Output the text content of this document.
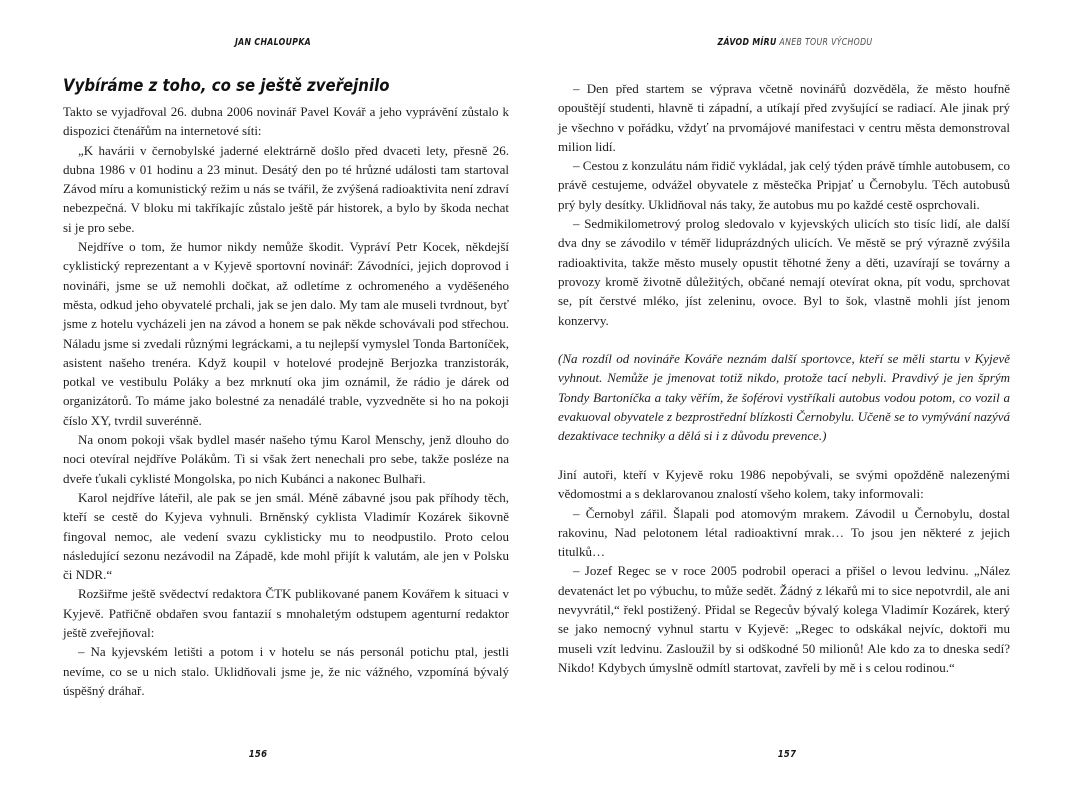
JAN CHALOUPKA	ZÁVOD MÍRU ANEB TOUR VÝCHODU
Vybíráme z toho, co se ještě zveřejnilo

Takto se vyjadřoval 26. dubna 2006 novinář Pavel Kovář a jeho vyprávění zůstalo k dispozici čtenářům na internetové síti:

„K havárii v černobylské jaderné elektrárně došlo před dvaceti lety, přesně 26. dubna 1986 v 01 hodinu a 23 minut. Desátý den po té hrůzné události tam startoval Závod míru a komunistický režim u nás se tvářil, že zvýšená radioaktivita není zdraví nebezpečná. V bloku mi takříkajíc zůstalo ještě pár historek, a bylo by škoda nechat si je pro sebe.

Nejdříve o tom, že humor nikdy nemůže škodit. Vypráví Petr Kocek, někdejší cyklistický reprezentant a v Kyjevě sportovní novinář: Závodníci, jejich doprovod i novináři, jsme se už nemohli dočkat, až odletíme z ochromeného a vyděšeného města, odkud jeho obyvatelé prchali, jak se jen dalo. My tam ale museli tvrdnout, byť jsme z hotelu vycházeli jen na závod a honem se pak někde schovávali pod střechou. Náladu jsme si zvedali různými legráckami, a tu nejlepší vymyslel Tonda Bartoníček, asistent našeho trenéra. Když koupil v hotelové prodejně Berjozka tranzistorák, potkal ve vestibulu Poláky a bez mrknutí oka jim oznámil, že rádio je dárek od organizátorů. To máme jako bolestné za nenadálé trable, vyzvedněte si ho na pokoji číslo XY, tvrdil suverénně.

Na onom pokoji však bydlel masér našeho týmu Karol Menschy, jenž dlouho do noci otevíral nejdříve Polákům. Ti si však žert nenechali pro sebe, takže posléze na dveře ťukali cyklisté Mongolska, po nich Kubánci a nakonec Bulhaři.

Karol nejdříve láteřil, ale pak se jen smál. Méně zábavné jsou pak příhody těch, kteří se cestě do Kyjeva vyhnuli. Brněnský cyklista Vladimír Kozárek šikovně fingoval nemoc, ale vedení svazu cyklisticky mu to neodpustilo. Proto celou následující sezonu nezávodil na Západě, kde mohl přijít k valutám, ale jen v Polsku či NDR.“

Rozšiřme ještě svědectví redaktora ČTK publikované panem Kovářem k situaci v Kyjevě. Patřičně obdařen svou fantazií s mnohaletým odstupem agenturní redaktor ještě zveřejňoval:

– Na kyjevském letišti a potom i v hotelu se nás personál potichu ptal, jestli nevíme, co se u nich stalo. Uklidňovali jsme je, že nic vážného, vzpomíná bývalý úspěšný dráhař.

– Den před startem se výprava včetně novinářů dozvěděla, že město houfně opouštějí studenti, hlavně ti západní, a utíkají před zvyšující se radiací. Ale jinak prý je všechno v pořádku, vždyť na prvomájové manifestaci v centru města demonstroval milion lidí.

– Cestou z konzulátu nám řidič vykládal, jak celý týden právě tímhle autobusem, co právě cestujeme, odvážel obyvatele z městečka Pripjať u Černobylu. Těch autobusů prý byly desítky. Uklidňoval nás taky, že autobus mu po každé cestě osprchovali.

– Sedmikilometrový prolog sledovalo v kyjevských ulicích sto tisíc lidí, ale další dva dny se závodilo v téměř liduprázdných ulicích. Ve městě se prý výrazně zvýšila radioaktivita, takže město musely opustit těhotné ženy a děti, uzavírají se továrny a provozy kromě životně důležitých, občané nemají otevírat okna, pít vodu, sprchovat se, pít čerstvé mléko, jíst zeleninu, ovoce. Byl to šok, vlastně mohli jíst jenom konzervy.

(Na rozdíl od novináře Kováře neznám další sportovce, kteří se měli startu v Kyjevě vyhnout. Nemůže je jmenovat totiž nikdo, protože tací nebyli. Pravdivý je jen šprým Tondy Bartoníčka a taky věřím, že šoférovi vystříkali autobus vodou potom, co vozil a evakuoval obyvatele z bezprostřední blízkosti Černobylu. Učeně se to vymývání nazývá dezaktivace techniky a dělá si i z důvodu prevence.)

Jiní autoři, kteří v Kyjevě roku 1986 nepobývali, se svými opožděně nalezenými vědomostmi a s deklarovanou znalostí všeho kolem, taky informovali:

– Černobyl zářil. Šlapali pod atomovým mrakem. Závodil u Černobylu, dostal rakovinu, Nad pelotonem létal radioaktivní mrak… To jsou jen některé z jejich titulků…

– Jozef Regec se v roce 2005 podrobil operaci a přišel o levou ledvinu. „Nález devatenáct let po výbuchu, to může sedět. Žádný z lékařů mi to sice nepotvrdil, ale ani nevyvrátil,“ řekl postižený. Přidal se Regecův bývalý kolega Vladimír Kozárek, který se jako nemocný vyhnul startu v Kyjevě: „Regec to odskákal nejvíc, doktoři mu museli vzít ledvinu. Zasloužil by si odškodné 50 milionů! Ale kdo za to dneska sedí? Nikdo! Kdybych úmyslně odmítl startovat, zavřeli by mě i s celou rodinou.“

156	157
